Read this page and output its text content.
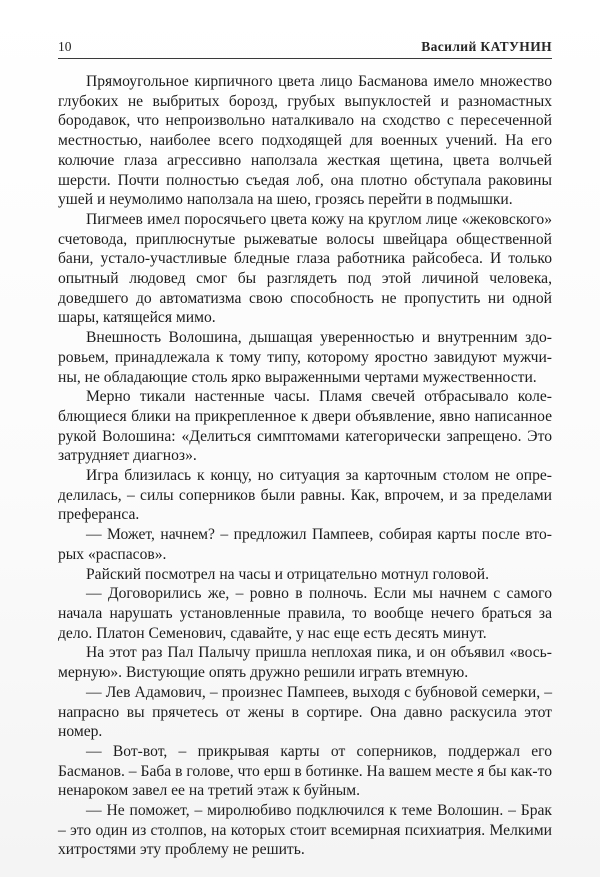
10	Василий КАТУНИН

Прямоугольное кирпичного цвета лицо Басманова имело множество глубоких не выбритых борозд, грубых выпуклостей и разномастных бородавок, что непроизвольно наталкивало на сходство с пересеченной местностью, наиболее всего подходящей для военных учений. На его колючие глаза агрессивно наползала жесткая щетина, цвета волчьей шерсти. Почти полностью съедая лоб, она плотно обступала раковины ушей и неумолимо наползала на шею, грозясь перейти в подмышки.

Пигмеев имел поросячьего цвета кожу на круглом лице «жековского» счетовода, приплюснутые рыжеватые волосы швейцара общественной бани, устало-участливые бледные глаза работника райсобеса. И только опытный людовед смог бы разглядеть под этой личиной человека, доведшего до автоматизма свою способность не пропустить ни одной шары, катящейся мимо.

Внешность Волошина, дышащая уверенностью и внутренним здоровьем, принадлежала к тому типу, которому яростно завидуют мужчины, не обладающие столь ярко выраженными чертами мужественности.

Мерно тикали настенные часы. Пламя свечей отбрасывало колеблющиеся блики на прикрепленное к двери объявление, явно написанное рукой Волошина: «Делиться симптомами категорически запрещено. Это затрудняет диагноз».

Игра близилась к концу, но ситуация за карточным столом не определилась, – силы соперников были равны. Как, впрочем, и за пределами преферанса.

— Может, начнем? – предложил Пампеев, собирая карты после вторых «распасов».

Райский посмотрел на часы и отрицательно мотнул головой.

— Договорились же, – ровно в полночь. Если мы начнем с самого начала нарушать установленные правила, то вообще нечего браться за дело. Платон Семенович, сдавайте, у нас еще есть десять минут.

На этот раз Пал Палычу пришла неплохая пика, и он объявил «восьмерную». Вистующие опять дружно решили играть втемную.

— Лев Адамович, – произнес Пампеев, выходя с бубновой семерки, – напрасно вы прячетесь от жены в сортире. Она давно раскусила этот номер.

— Вот-вот, – прикрывая карты от соперников, поддержал его Басманов. – Баба в голове, что ерш в ботинке. На вашем месте я бы как-то ненароком завел ее на третий этаж к буйным.

— Не поможет, – миролюбиво подключился к теме Волошин. – Брак – это один из столпов, на которых стоит всемирная психиатрия. Мелкими хитростями эту проблему не решить.
